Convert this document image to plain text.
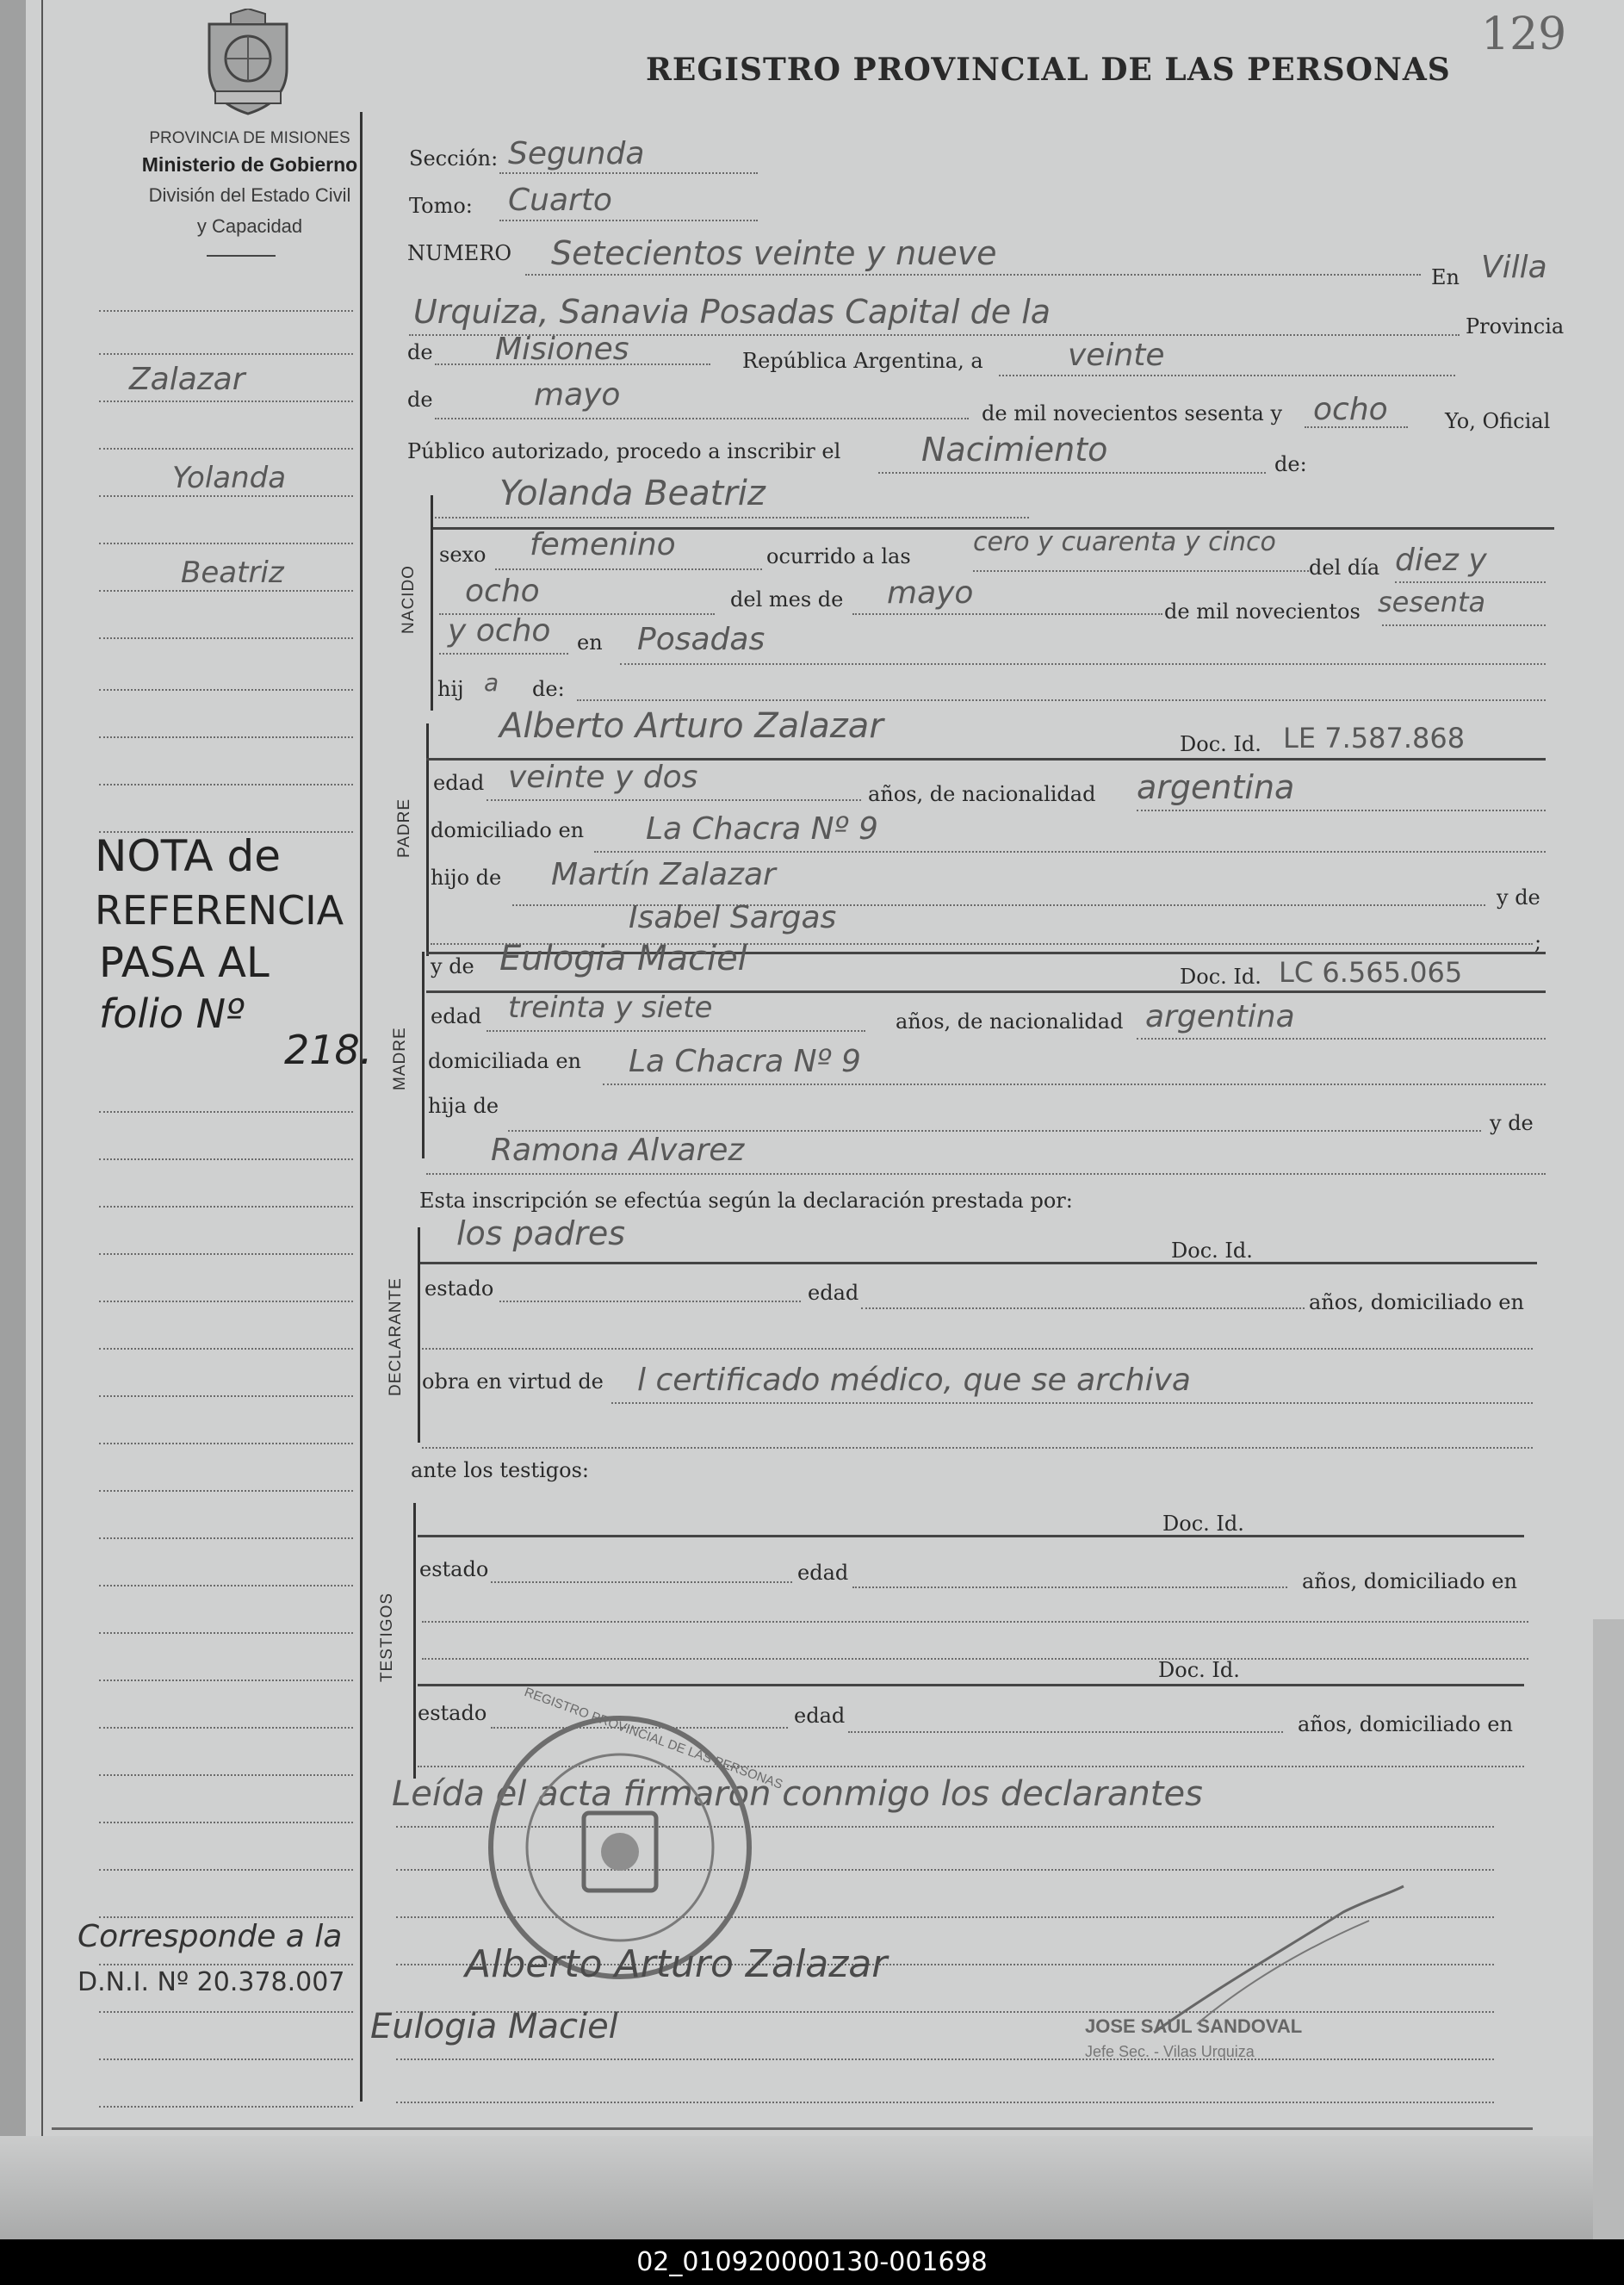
129
PROVINCIA DE MISIONES
Ministerio de Gobierno
División del Estado Civil
y Capacidad
REGISTRO PROVINCIAL DE LAS PERSONAS
Zalazar
Yolanda
Beatriz
NOTA de
REFERENCIA
PASA AL
folio Nº
218.
Corresponde a la
D.N.I. Nº 20.378.007
Sección: Segunda
Tomo: Cuarto
NUMERO Setecientos veinte y nueve
En Villa
Urquiza, Sanavia Posadas Capital de la	Provincia
de Misiones	República Argentina, a	veinte
de	mayo
de mil novecientos sesenta y ocho	Yo, Oficial
Público autorizado, procedo a inscribir el Nacimiento	de:
Yolanda Beatriz
NACIDO
sexo femenino	ocurrido a las cero y cuarenta y cinco
del día diez y
ocho	del mes de mayo
de mil novecientos sesenta
y ocho en Posadas
hij a de:
PADRE
Alberto Arturo Zalazar	Doc. Id. LE 7.587.868
edad veinte y dos	años, de nacionalidad argentina
domiciliado en La Chacra Nº 9
hijo de Martín Zalazar
y de
Isabel Sargas
;
MADRE
y de Eulogia Maciel	Doc. Id. LC 6.565.065
edad treinta y siete	años, de nacionalidad argentina
domiciliada en La Chacra Nº 9
hija de
y de
Ramona Alvarez
Esta inscripción se efectúa según la declaración prestada por:
los padres	Doc. Id.
DECLARANTE estado	edad	años, domiciliado en
obra en virtud de l certificado médico, que se archiva
ante los testigos:
TESTIGOS
Doc. Id.
estado	edad	años, domiciliado en
Doc. Id.
estado	edad	años, domiciliado en
Leída el acta firmaron conmigo los declarantes
REGISTRO PROVINCIAL DE LAS PERSONAS
Alberto Arturo Zalazar
Eulogia Maciel	JOSE SAUL SANDOVAL
Jefe Sec. - Vilas Urquiza
02_010920000130-001698
